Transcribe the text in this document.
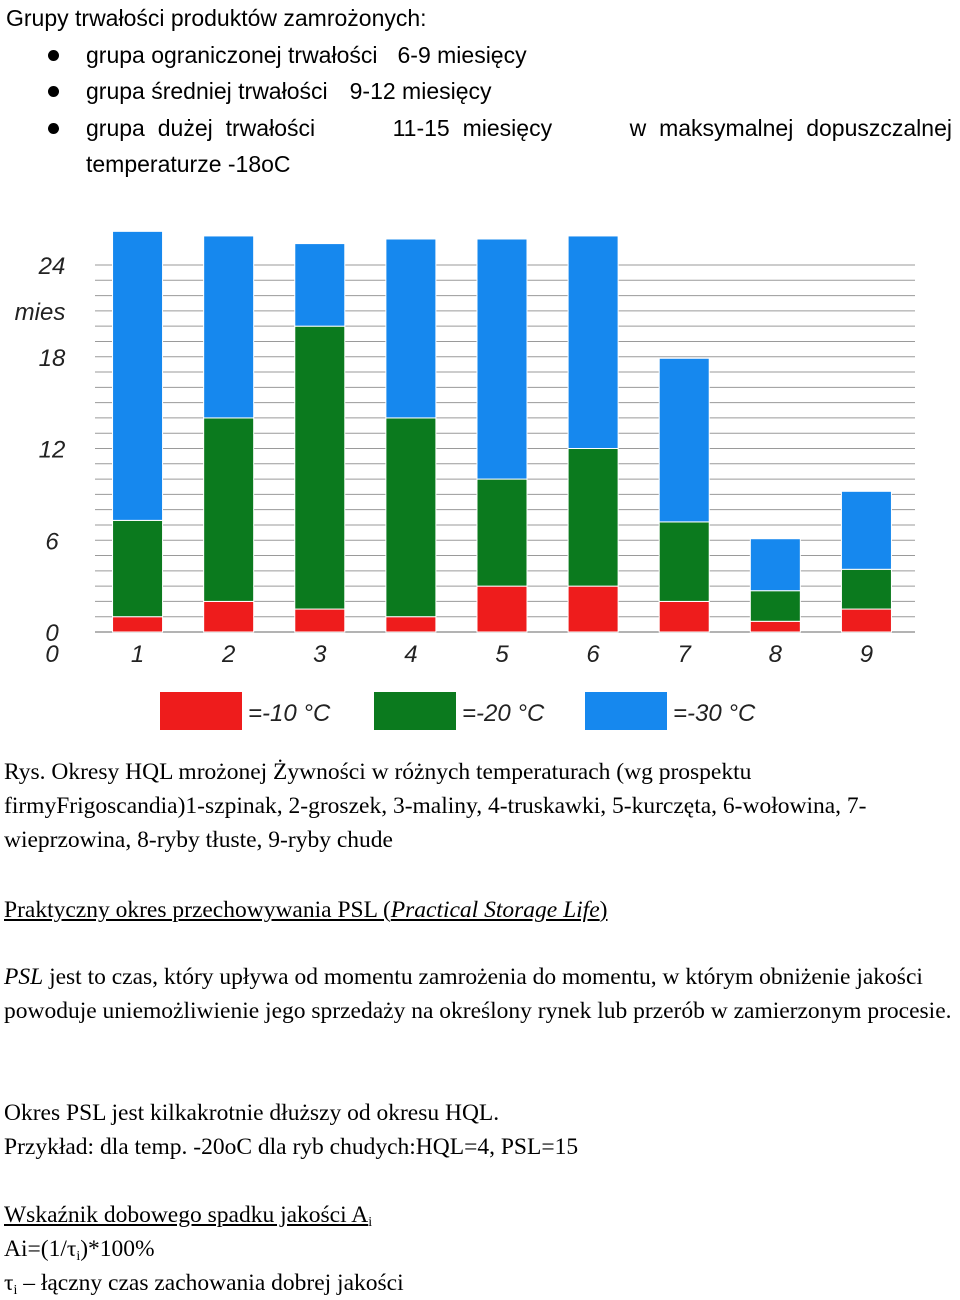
Grupy trwałości produktów zamrożonych:
grupa ograniczonej trwałości 6-9 miesięcy
grupa średniej trwałości 9-12 miesięcy
grupa dużej trwałości	11-15 miesięcy	w maksymalnej dopuszczalnej temperaturze -18oC
0
6
12
18
24
mies
1	2	3	4	5	6	7	8	9
0
=-10 °C	=-20 °C	=-30 °C
Rys. Okresy HQL mrożonej Żywności w różnych temperaturach (wg prospektu firmyFrigoscandia)1-szpinak, 2-groszek, 3-maliny, 4-truskawki, 5-kurczęta, 6-wołowina, 7-wieprzowina, 8-ryby tłuste, 9-ryby chude
Praktyczny okres przechowywania PSL (Practical Storage Life)
PSL jest to czas, który upływa od momentu zamrożenia do momentu, w którym obniżenie jakości powoduje uniemożliwienie jego sprzedaży na określony rynek lub przerób w zamierzonym procesie.
Okres PSL jest kilkakrotnie dłuższy od okresu HQL.
Przykład: dla temp. -20oC dla ryb chudych:HQL=4, PSL=15
Wskaźnik dobowego spadku jakości $A_i$
$Ai=(1/\tau_i)*100\%$
$\tau_i$ – łączny czas zachowania dobrej jakości
